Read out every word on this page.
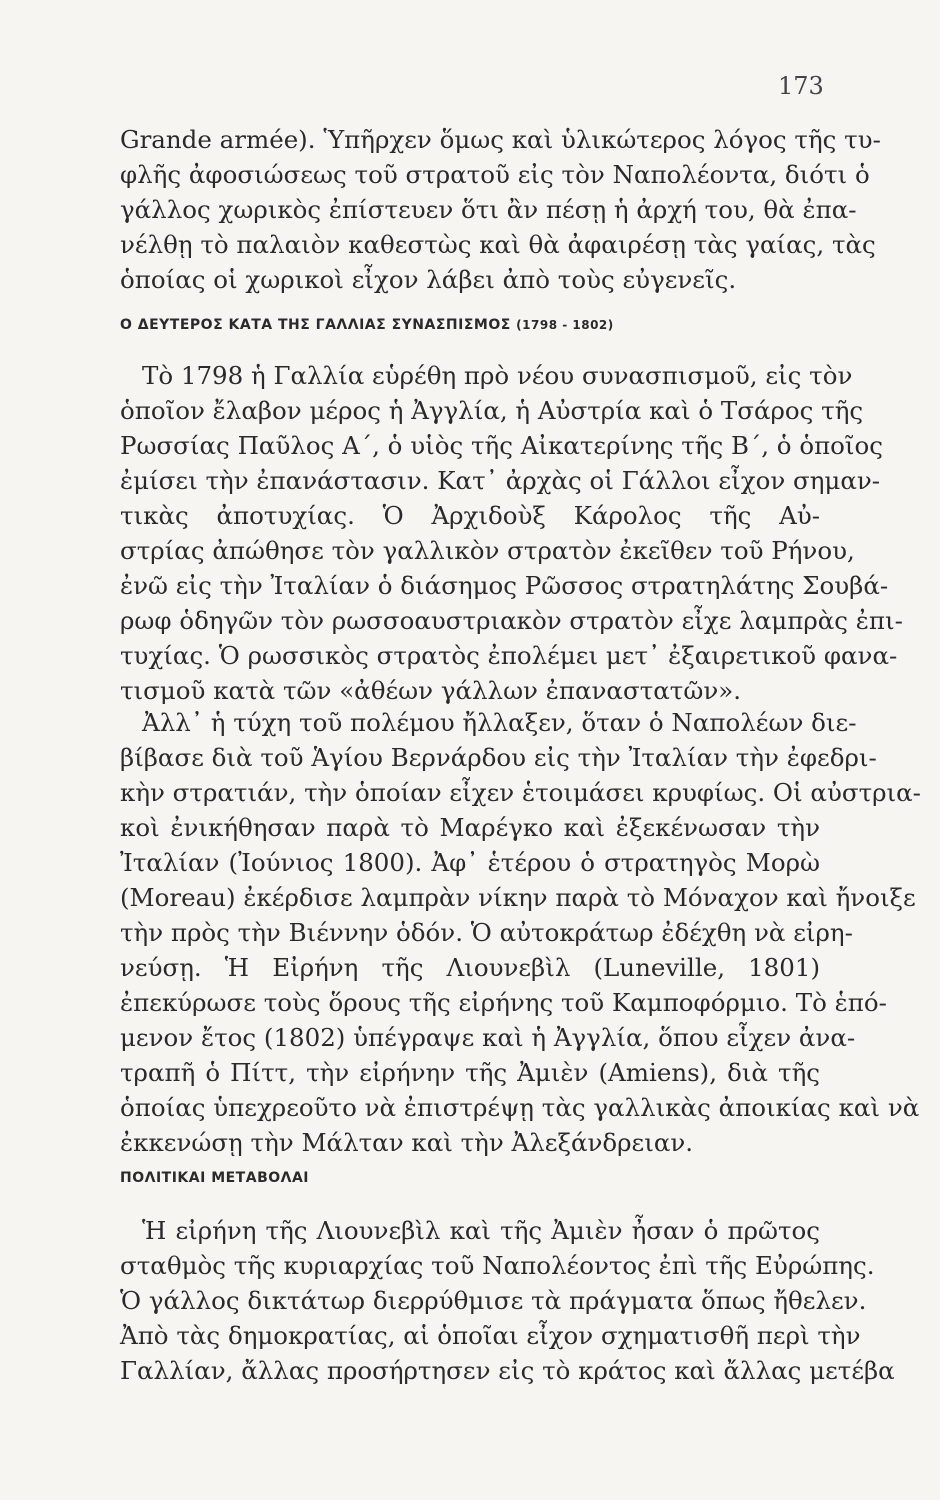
173
Grande armée). Ὑπῆρχεν ὅμως καὶ ὑλικώτερος λόγος τῆς τυ-
φλῆς ἀφοσιώσεως τοῦ στρατοῦ εἰς τὸν Ναπολέοντα, διότι ὁ
γάλλος χωρικὸς ἐπίστευεν ὅτι ἂν πέσῃ ἡ ἀρχή του, θὰ ἐπα-
νέλθῃ τὸ παλαιὸν καθεστὼς καὶ θὰ ἀφαιρέσῃ τὰς γαίας, τὰς
ὁποίας οἱ χωρικοὶ εἶχον λάβει ἀπὸ τοὺς εὐγενεῖς.
Ο ΔΕΥΤΕΡΟΣ ΚΑΤΑ ΤΗΣ ΓΑΛΛΙΑΣ ΣΥΝΑΣΠΙΣΜΟΣ (1798 - 1802)
Τὸ 1798 ἡ Γαλλία εὑρέθη πρὸ νέου συνασπισμοῦ, εἰς τὸν
ὁποῖον ἔλαβον μέρος ἡ Ἀγγλία, ἡ Αὐστρία καὶ ὁ Τσάρος τῆς
Ρωσσίας Παῦλος Α΄, ὁ υἱὸς τῆς Αἰκατερίνης τῆς Β΄, ὁ ὁποῖος
ἐμίσει τὴν ἐπανάστασιν. Κατ᾽ ἀρχὰς οἱ Γάλλοι εἶχον σημαν-
τικὰς ἀποτυχίας. Ὁ Ἀρχιδοὺξ Κάρολος τῆς Αὐ-
στρίας ἀπώθησε τὸν γαλλικὸν στρατὸν ἐκεῖθεν τοῦ Ρήνου,
ἐνῶ εἰς τὴν Ἰταλίαν ὁ διάσημος Ρῶσσος στρατηλάτης Σουβά-
ρωφ ὁδηγῶν τὸν ρωσσοαυστριακὸν στρατὸν εἶχε λαμπρὰς ἐπι-
τυχίας. Ὁ ρωσσικὸς στρατὸς ἐπολέμει μετ᾽ ἐξαιρετικοῦ φανα-
τισμοῦ κατὰ τῶν «ἀθέων γάλλων ἐπαναστατῶν».
Ἀλλ᾽ ἡ τύχη τοῦ πολέμου ἤλλαξεν, ὅταν ὁ Ναπολέων διε-
βίβασε διὰ τοῦ Ἁγίου Βερνάρδου εἰς τὴν Ἰταλίαν τὴν ἐφεδρι-
κὴν στρατιάν, τὴν ὁποίαν εἶχεν ἑτοιμάσει κρυφίως. Οἱ αὐστρια-
κοὶ ἐνικήθησαν παρὰ τὸ Μαρέγκο καὶ ἐξεκένωσαν τὴν
Ἰταλίαν (Ἰούνιος 1800). Ἀφ᾽ ἑτέρου ὁ στρατηγὸς Μορὼ
(Moreau) ἐκέρδισε λαμπρὰν νίκην παρὰ τὸ Μόναχον καὶ ἤνοιξε
τὴν πρὸς τὴν Βιέννην ὁδόν. Ὁ αὐτοκράτωρ ἐδέχθη νὰ εἰρη-
νεύσῃ. Ἡ Εἰρήνη τῆς Λιουνεβὶλ (Luneville, 1801)
ἐπεκύρωσε τοὺς ὅρους τῆς εἰρήνης τοῦ Καμποφόρμιο. Τὸ ἑπό-
μενον ἔτος (1802) ὑπέγραψε καὶ ἡ Ἀγγλία, ὅπου εἶχεν ἀνα-
τραπῆ ὁ Πίττ, τὴν εἰρήνην τῆς Ἀμιὲν (Amiens), διὰ τῆς
ὁποίας ὑπεχρεοῦτο νὰ ἐπιστρέψῃ τὰς γαλλικὰς ἀποικίας καὶ νὰ
ἐκκενώσῃ τὴν Μάλταν καὶ τὴν Ἀλεξάνδρειαν.
ΠΟΛΙΤΙΚΑΙ ΜΕΤΑΒΟΛΑΙ
Ἡ εἰρήνη τῆς Λιουνεβὶλ καὶ τῆς Ἀμιὲν ἦσαν ὁ πρῶτος
σταθμὸς τῆς κυριαρχίας τοῦ Ναπολέοντος ἐπὶ τῆς Εὐρώπης.
Ὁ γάλλος δικτάτωρ διερρύθμισε τὰ πράγματα ὅπως ἤθελεν.
Ἀπὸ τὰς δημοκρατίας, αἱ ὁποῖαι εἶχον σχηματισθῆ περὶ τὴν
Γαλλίαν, ἄλλας προσήρτησεν εἰς τὸ κράτος καὶ ἄλλας μετέβα
